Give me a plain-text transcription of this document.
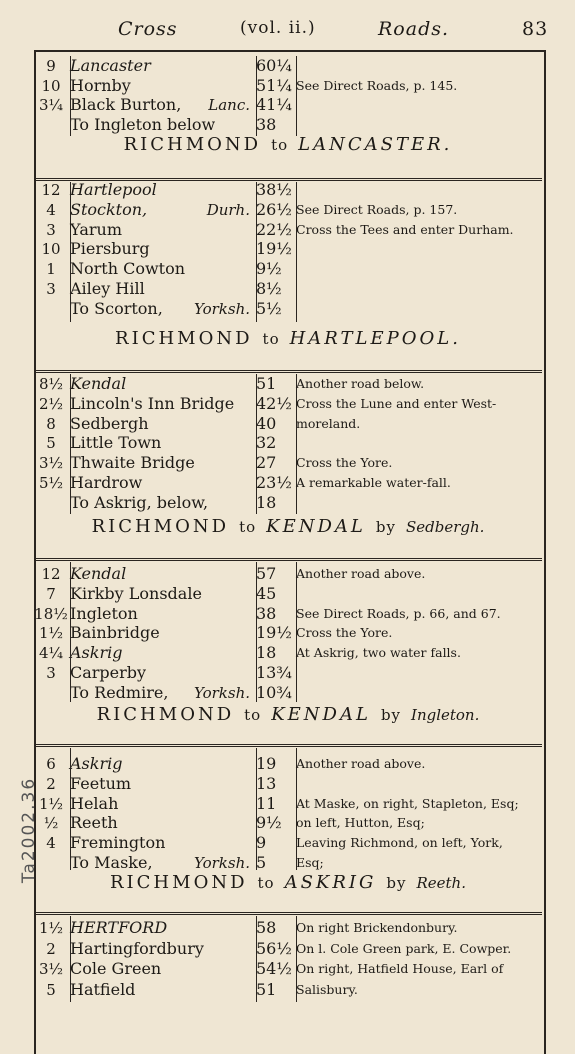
Cross	(vol. ii.)	Roads.	83
Ta2002.36
9 Lancaster	60¼
10 Hornby	51¼ See Direct Roads, p. 145.
3¼ Black Burton, Lanc. 41¼
To Ingleton below	38
RICHMOND to LANCASTER.
12 Hartlepool	38½
4 Stockton,	Durh. 26½ See Direct Roads, p. 157.
3 Yarum	22½ Cross the Tees and enter Durham.
10 Piersburg	19½
1 North Cowton	9½
3 Ailey Hill	8½
To Scorton, Yorksh. 5½
RICHMOND to HARTLEPOOL.
8½ Kendal	51	Another road below.
2½ Lincoln's Inn Bridge 42½ Cross the Lune and enter West-
8 Sedbergh	40	moreland.
5 Little Town	32
3½ Thwaite Bridge	27	Cross the Yore.
5½ Hardrow	23½ A remarkable water-fall.
To Askrig, below,	18
RICHMOND to KENDAL by Sedbergh.
12 Kendal	57	Another road above.
7 Kirkby Lonsdale	45
18½ Ingleton	38	See Direct Roads, p. 66, and 67.
1½ Bainbridge	19½ Cross the Yore.
4¼ Askrig	18	At Askrig, two water falls.
3 Carperby	13¾
To Redmire, Yorksh. 10¾
RICHMOND to KENDAL by Ingleton.
6 Askrig	19	Another road above.
2 Feetum	13
1½ Helah	11	At Maske, on right, Stapleton, Esq;
½ Reeth	9½	on left, Hutton, Esq;
4 Fremington	9	Leaving Richmond, on left, York,
To Maske,	Yorksh. 5	Esq;
RICHMOND to ASKRIG by Reeth.
1½ HERTFORD	58	On right Brickendonbury.
2 Hartingfordbury	56½ On l. Cole Green park, E. Cowper.
3½ Cole Green	54½ On right, Hatfield House, Earl of
5 Hatfield	51	Salisbury.
